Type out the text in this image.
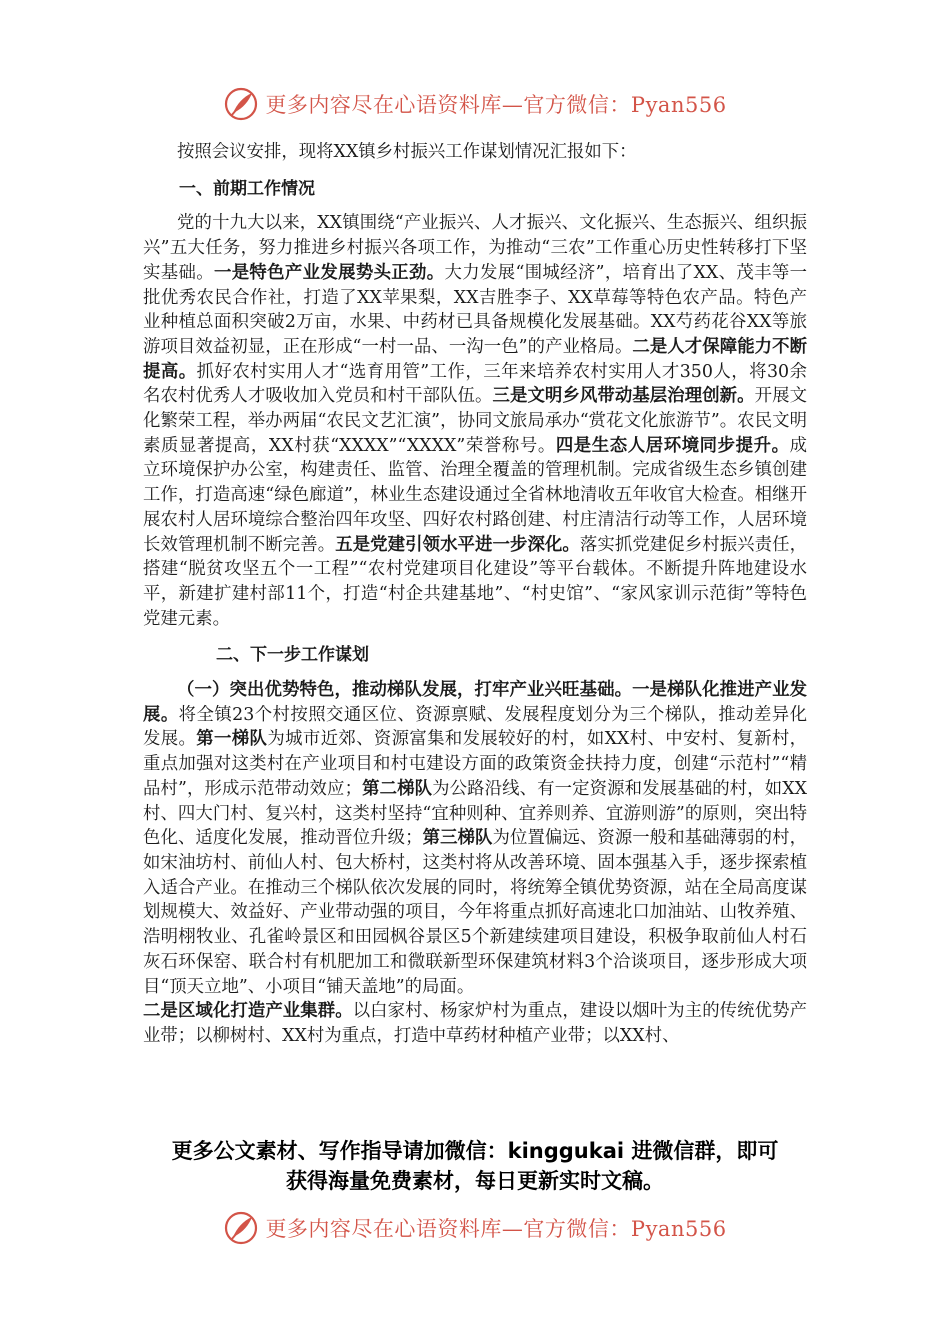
更多内容尽在心语资料库—官方微信：Pyan556

按照会议安排，现将XX镇乡村振兴工作谋划情况汇报如下：

一、前期工作情况

党的十九大以来，XX镇围绕“产业振兴、人才振兴、文化振兴、生态振兴、组织振兴”五大任务，努力推进乡村振兴各项工作，为推动“三农”工作重心历史性转移打下坚实基础。一是特色产业发展势头正劲。大力发展“围城经济”，培育出了XX、茂丰等一批优秀农民合作社，打造了XX苹果梨，XX吉胜李子、XX草莓等特色农产品。特色产业种植总面积突破2万亩，水果、中药材已具备规模化发展基础。XX芍药花谷XX等旅游项目效益初显，正在形成“一村一品、一沟一色”的产业格局。二是人才保障能力不断提高。抓好农村实用人才“选育用管”工作，三年来培养农村实用人才350人，将30余名农村优秀人才吸收加入党员和村干部队伍。三是文明乡风带动基层治理创新。开展文化繁荣工程，举办两届“农民文艺汇演”，协同文旅局承办“赏花文化旅游节”。农民文明素质显著提高，XX村获“XXXX”“XXXX”荣誉称号。四是生态人居环境同步提升。成立环境保护办公室，构建责任、监管、治理全覆盖的管理机制。完成省级生态乡镇创建工作，打造高速“绿色廊道”，林业生态建设通过全省林地清收五年收官大检查。相继开展农村人居环境综合整治四年攻坚、四好农村路创建、村庄清洁行动等工作，人居环境长效管理机制不断完善。五是党建引领水平进一步深化。落实抓党建促乡村振兴责任，搭建“脱贫攻坚五个一工程”“农村党建项目化建设”等平台载体。不断提升阵地建设水平，新建扩建村部11个，打造“村企共建基地”、“村史馆”、“家风家训示范街”等特色党建元素。

二、下一步工作谋划

（一）突出优势特色，推动梯队发展，打牢产业兴旺基础。一是梯队化推进产业发展。将全镇23个村按照交通区位、资源禀赋、发展程度划分为三个梯队，推动差异化发展。第一梯队为城市近郊、资源富集和发展较好的村，如XX村、中安村、复新村，重点加强对这类村在产业项目和村屯建设方面的政策资金扶持力度，创建“示范村”“精品村”，形成示范带动效应；第二梯队为公路沿线、有一定资源和发展基础的村，如XX村、四大门村、复兴村，这类村坚持“宜种则种、宜养则养、宜游则游”的原则，突出特色化、适度化发展，推动晋位升级；第三梯队为位置偏远、资源一般和基础薄弱的村，如宋油坊村、前仙人村、包大桥村，这类村将从改善环境、固本强基入手，逐步探索植入适合产业。在推动三个梯队依次发展的同时，将统筹全镇优势资源，站在全局高度谋划规模大、效益好、产业带动强的项目，今年将重点抓好高速北口加油站、山牧养殖、浩明栩牧业、孔雀岭景区和田园枫谷景区5个新建续建项目建设，积极争取前仙人村石灰石环保窑、联合村有机肥加工和微联新型环保建筑材料3个洽谈项目，逐步形成大项目“顶天立地”、小项目“铺天盖地”的局面。

二是区域化打造产业集群。以白家村、杨家炉村为重点，建设以烟叶为主的传统优势产业带；以柳树村、XX村为重点，打造中草药材种植产业带；以XX村、

更多公文素材、写作指导请加微信：kinggukai 进微信群，即可
获得海量免费素材，每日更新实时文稿。
更多内容尽在心语资料库—官方微信：Pyan556
